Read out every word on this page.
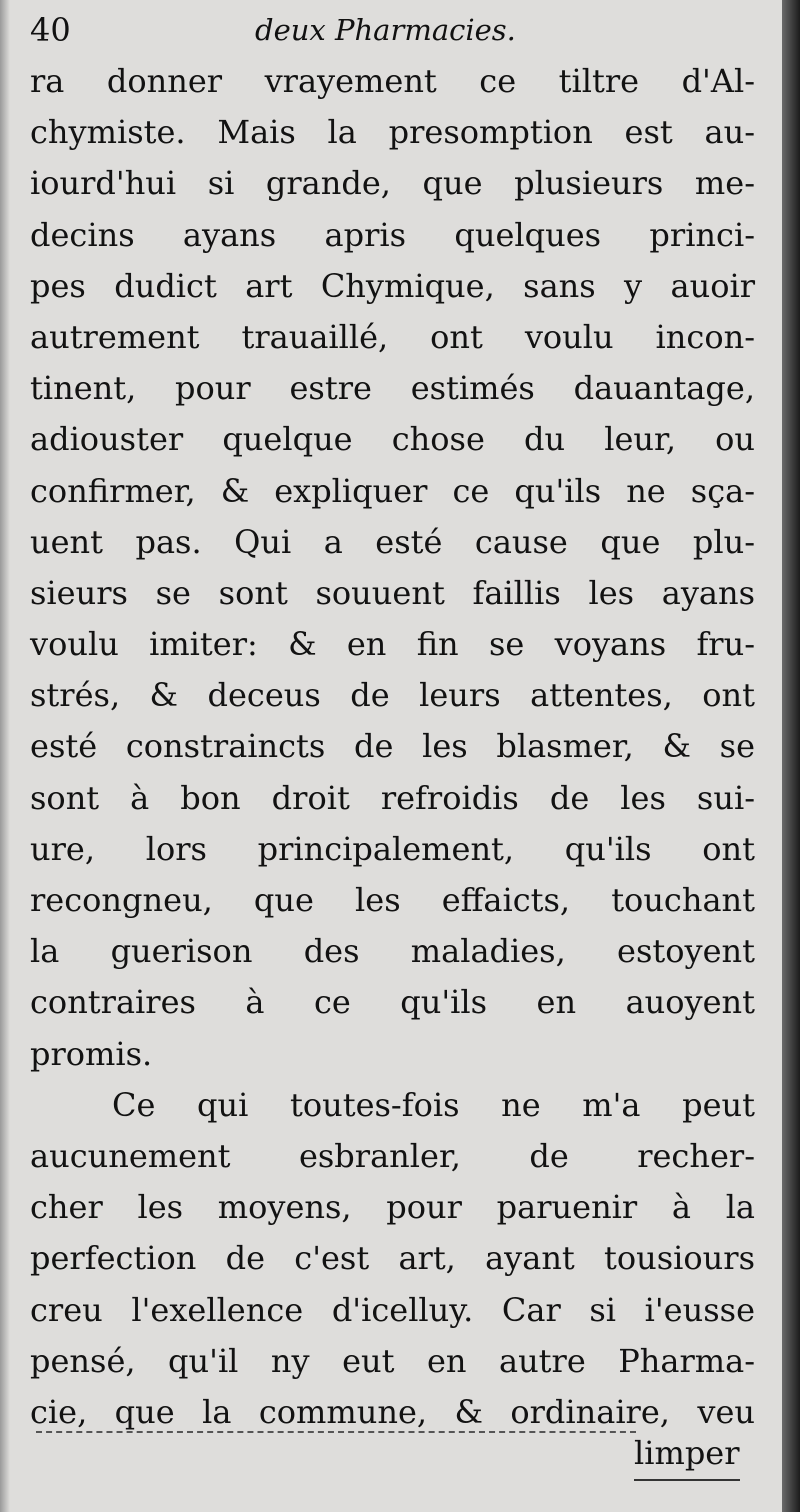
40	deux Pharmacies.
ra donner vrayement ce tiltre d'Al-
chymiste. Mais la presomption est au-
iourd'hui si grande, que plusieurs me-
decins ayans apris quelques princi-
pes dudict art Chymique, sans y auoir
autrement trauaillé, ont voulu incon-
tinent, pour estre estimés dauantage,
adiouster quelque chose du leur, ou
confirmer, & expliquer ce qu'ils ne sça-
uent pas. Qui a esté cause que plu-
sieurs se sont souuent faillis les ayans
voulu imiter: & en fin se voyans fru-
strés, & deceus de leurs attentes, ont
esté constraincts de les blasmer, & se
sont à bon droit refroidis de les sui-
ure, lors principalement, qu'ils ont
recongneu, que les effaicts, touchant
la guerison des maladies, estoyent
contraires à ce qu'ils en auoyent
promis.
Ce qui toutes-fois ne m'a peut
aucunement esbranler, de recher-
cher les moyens, pour paruenir à la
perfection de c'est art, ayant tousiours
creu l'exellence d'icelluy. Car si i'eusse
pensé, qu'il ny eut en autre Pharma-
cie, que la commune, & ordinaire, veu
limper
